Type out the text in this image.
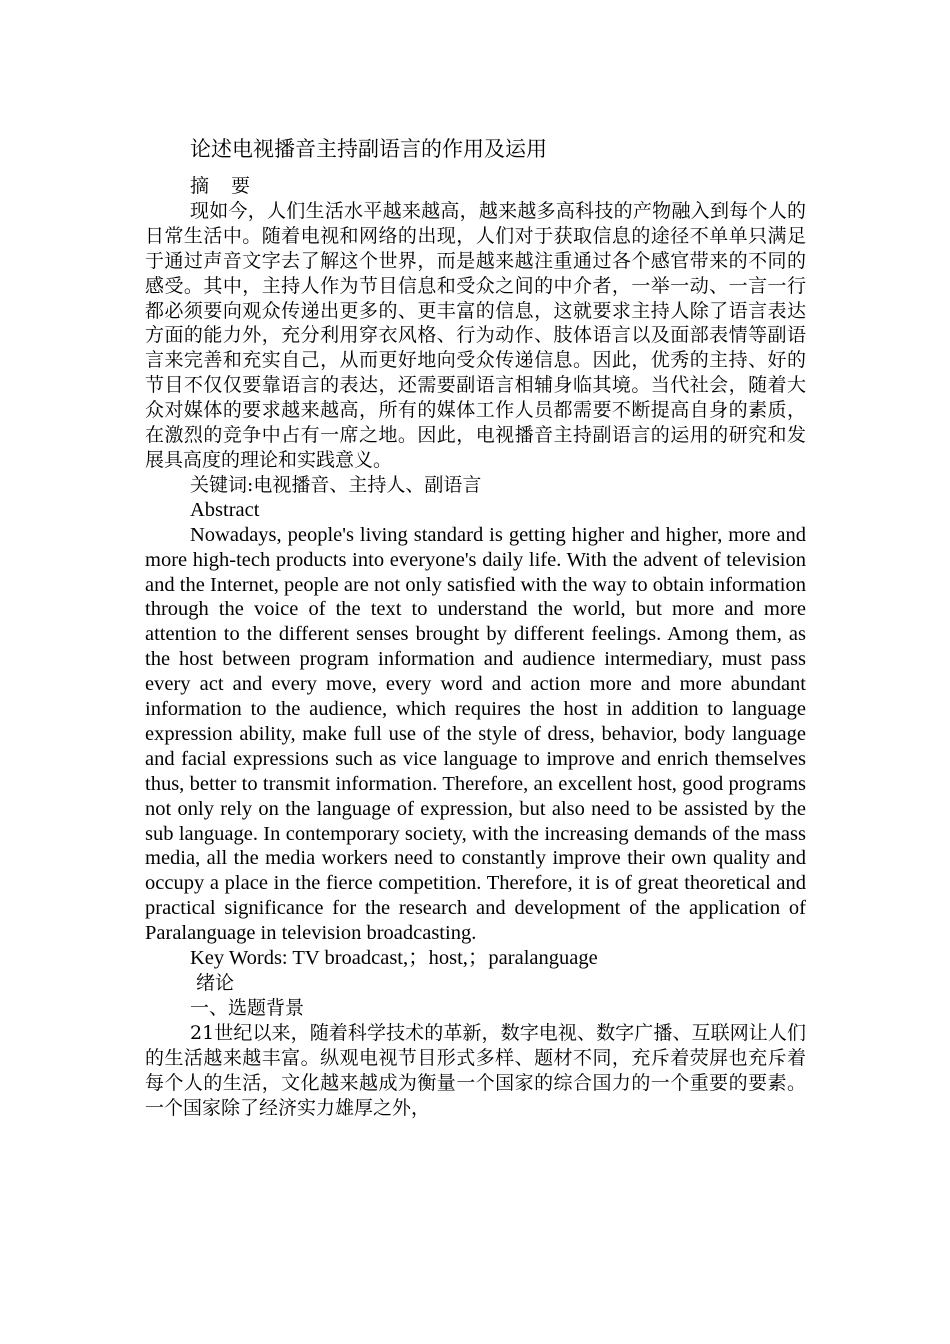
论述电视播音主持副语言的作用及运用

摘 要

现如今，人们生活水平越来越高，越来越多高科技的产物融入到每个人的日常生活中。随着电视和网络的出现，人们对于获取信息的途径不单单只满足于通过声音文字去了解这个世界，而是越来越注重通过各个感官带来的不同的感受。其中，主持人作为节目信息和受众之间的中介者，一举一动、一言一行都必须要向观众传递出更多的、更丰富的信息，这就要求主持人除了语言表达方面的能力外，充分利用穿衣风格、行为动作、肢体语言以及面部表情等副语言来完善和充实自己，从而更好地向受众传递信息。因此，优秀的主持、好的节目不仅仅要靠语言的表达，还需要副语言相辅身临其境。当代社会，随着大众对媒体的要求越来越高，所有的媒体工作人员都需要不断提高自身的素质，在激烈的竞争中占有一席之地。因此，电视播音主持副语言的运用的研究和发展具高度的理论和实践意义。

关键词:电视播音、主持人、副语言

Abstract

Nowadays, people's living standard is getting higher and higher, more and more high-tech products into everyone's daily life. With the advent of television and the Internet, people are not only satisfied with the way to obtain information through the voice of the text to understand the world, but more and more attention to the different senses brought by different feelings. Among them, as the host between program information and audience intermediary, must pass every act and every move, every word and action more and more abundant information to the audience, which requires the host in addition to language expression ability, make full use of the style of dress, behavior, body language and facial expressions such as vice language to improve and enrich themselves thus, better to transmit information. Therefore, an excellent host, good programs not only rely on the language of expression, but also need to be assisted by the sub language. In contemporary society, with the increasing demands of the mass media, all the media workers need to constantly improve their own quality and occupy a place in the fierce competition. Therefore, it is of great theoretical and practical significance for the research and development of the application of Paralanguage in television broadcasting.

Key Words: TV broadcast,；host,；paralanguage

绪论

一、选题背景

21世纪以来，随着科学技术的革新，数字电视、数字广播、互联网让人们的生活越来越丰富。纵观电视节目形式多样、题材不同，充斥着荧屏也充斥着每个人的生活，文化越来越成为衡量一个国家的综合国力的一个重要的要素。一个国家除了经济实力雄厚之外，
